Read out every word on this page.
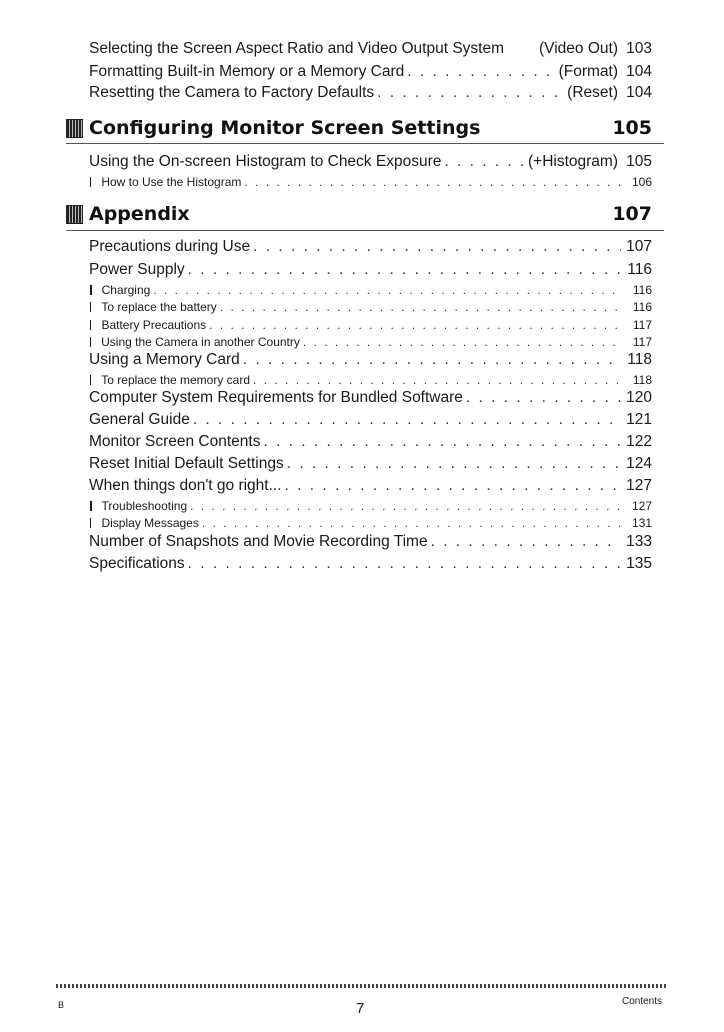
Selecting the Screen Aspect Ratio and Video Output System (Video Out) 103
Formatting Built-in Memory or a Memory Card . . .	(Format) 104
Resetting the Camera to Factory Defaults . . .	(Reset) 104
Configuring Monitor Screen Settings	105
Using the On-screen Histogram to Check Exposure . . .	(+Histogram) 105
How to Use the Histogram . . .	106
Appendix	107
Precautions during Use . . .	107
Power Supply . . .	116
Charging . . .	116
To replace the battery . . .	116
Battery Precautions . . .	117
Using the Camera in another Country . . .	117
Using a Memory Card . . .	118
To replace the memory card . . .	118
Computer System Requirements for Bundled Software . . .	120
General Guide . . .	121
Monitor Screen Contents . . .	122
Reset Initial Default Settings . . .	124
When things don't go right... . . .	127
Troubleshooting . . .	127
Display Messages . . .	131
Number of Snapshots and Movie Recording Time . . .	133
Specifications . . .	135
B	7	Contents
